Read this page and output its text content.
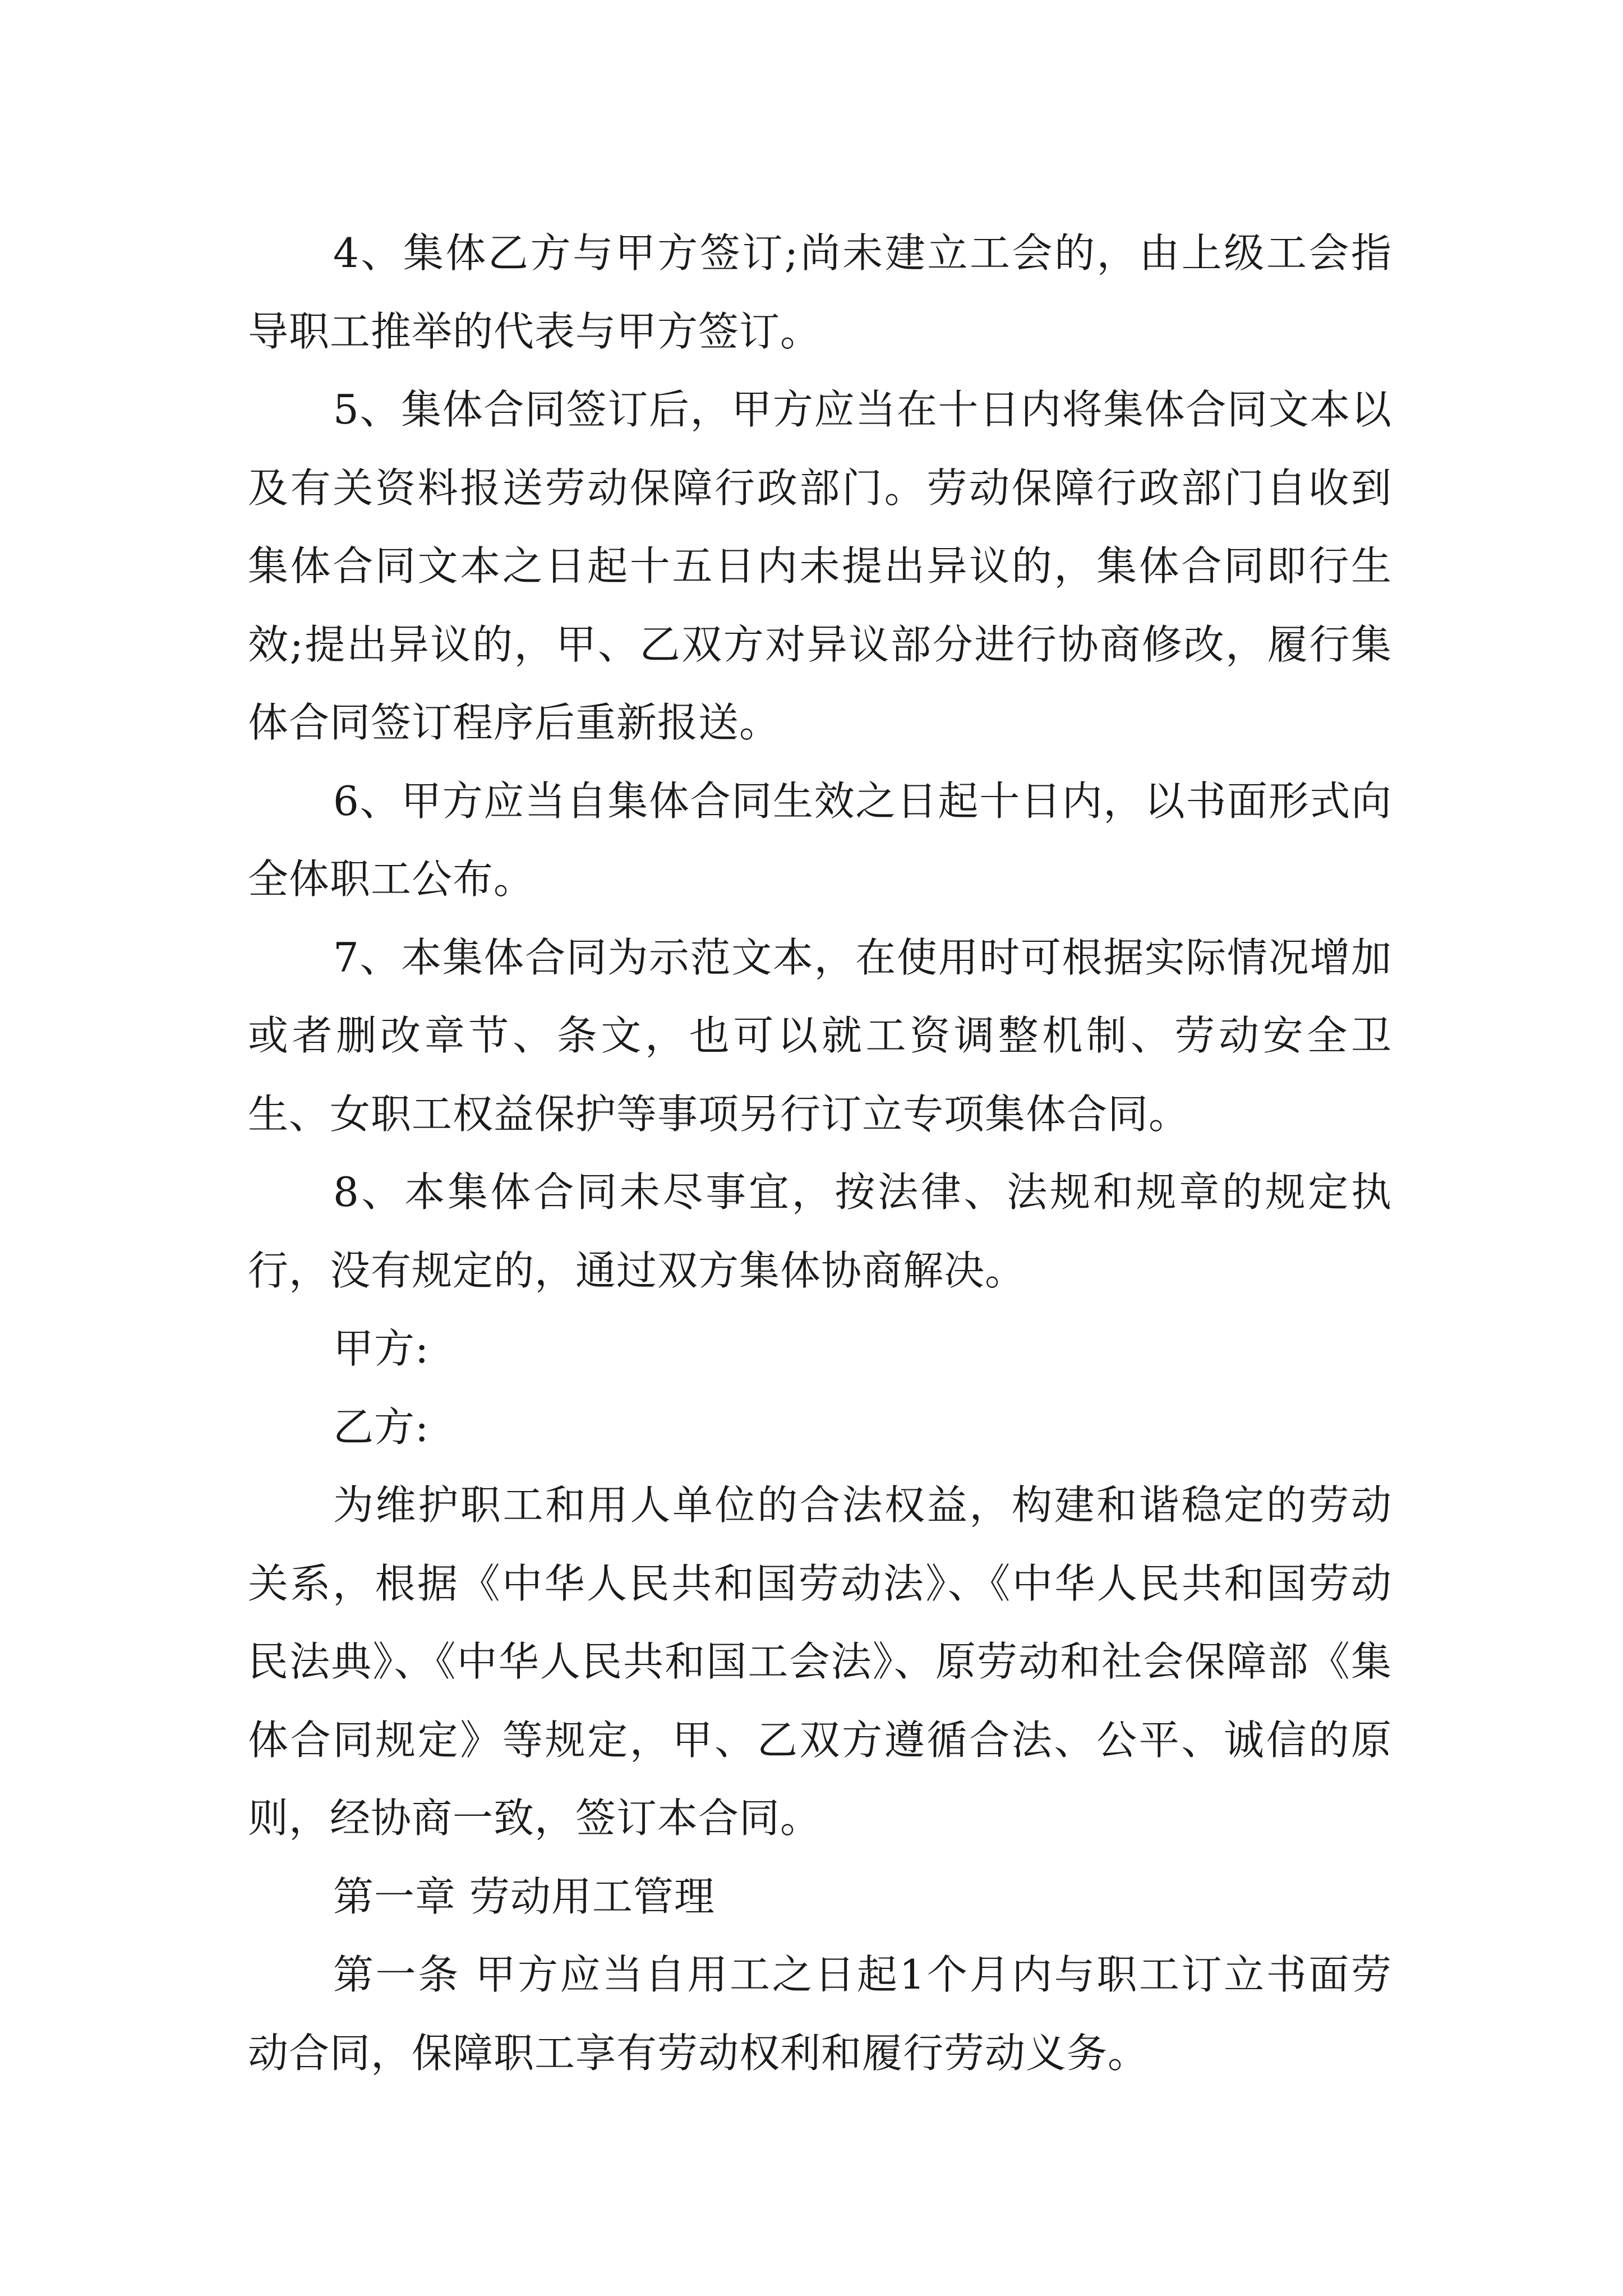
4、集体乙方与甲方签订;尚未建立工会的，由上级工会指导职工推举的代表与甲方签订。

5、集体合同签订后，甲方应当在十日内将集体合同文本以及有关资料报送劳动保障行政部门。劳动保障行政部门自收到集体合同文本之日起十五日内未提出异议的，集体合同即行生效;提出异议的，甲、乙双方对异议部分进行协商修改，履行集体合同签订程序后重新报送。

6、甲方应当自集体合同生效之日起十日内，以书面形式向全体职工公布。

7、本集体合同为示范文本，在使用时可根据实际情况增加或者删改章节、条文，也可以就工资调整机制、劳动安全卫生、女职工权益保护等事项另行订立专项集体合同。

8、本集体合同未尽事宜，按法律、法规和规章的规定执行，没有规定的，通过双方集体协商解决。

甲方:

乙方:

为维护职工和用人单位的合法权益，构建和谐稳定的劳动关系，根据《中华人民共和国劳动法》、《中华人民共和国劳动民法典》、《中华人民共和国工会法》、原劳动和社会保障部《集体合同规定》等规定，甲、乙双方遵循合法、公平、诚信的原则，经协商一致，签订本合同。

第一章 劳动用工管理

第一条 甲方应当自用工之日起1个月内与职工订立书面劳动合同，保障职工享有劳动权利和履行劳动义务。
